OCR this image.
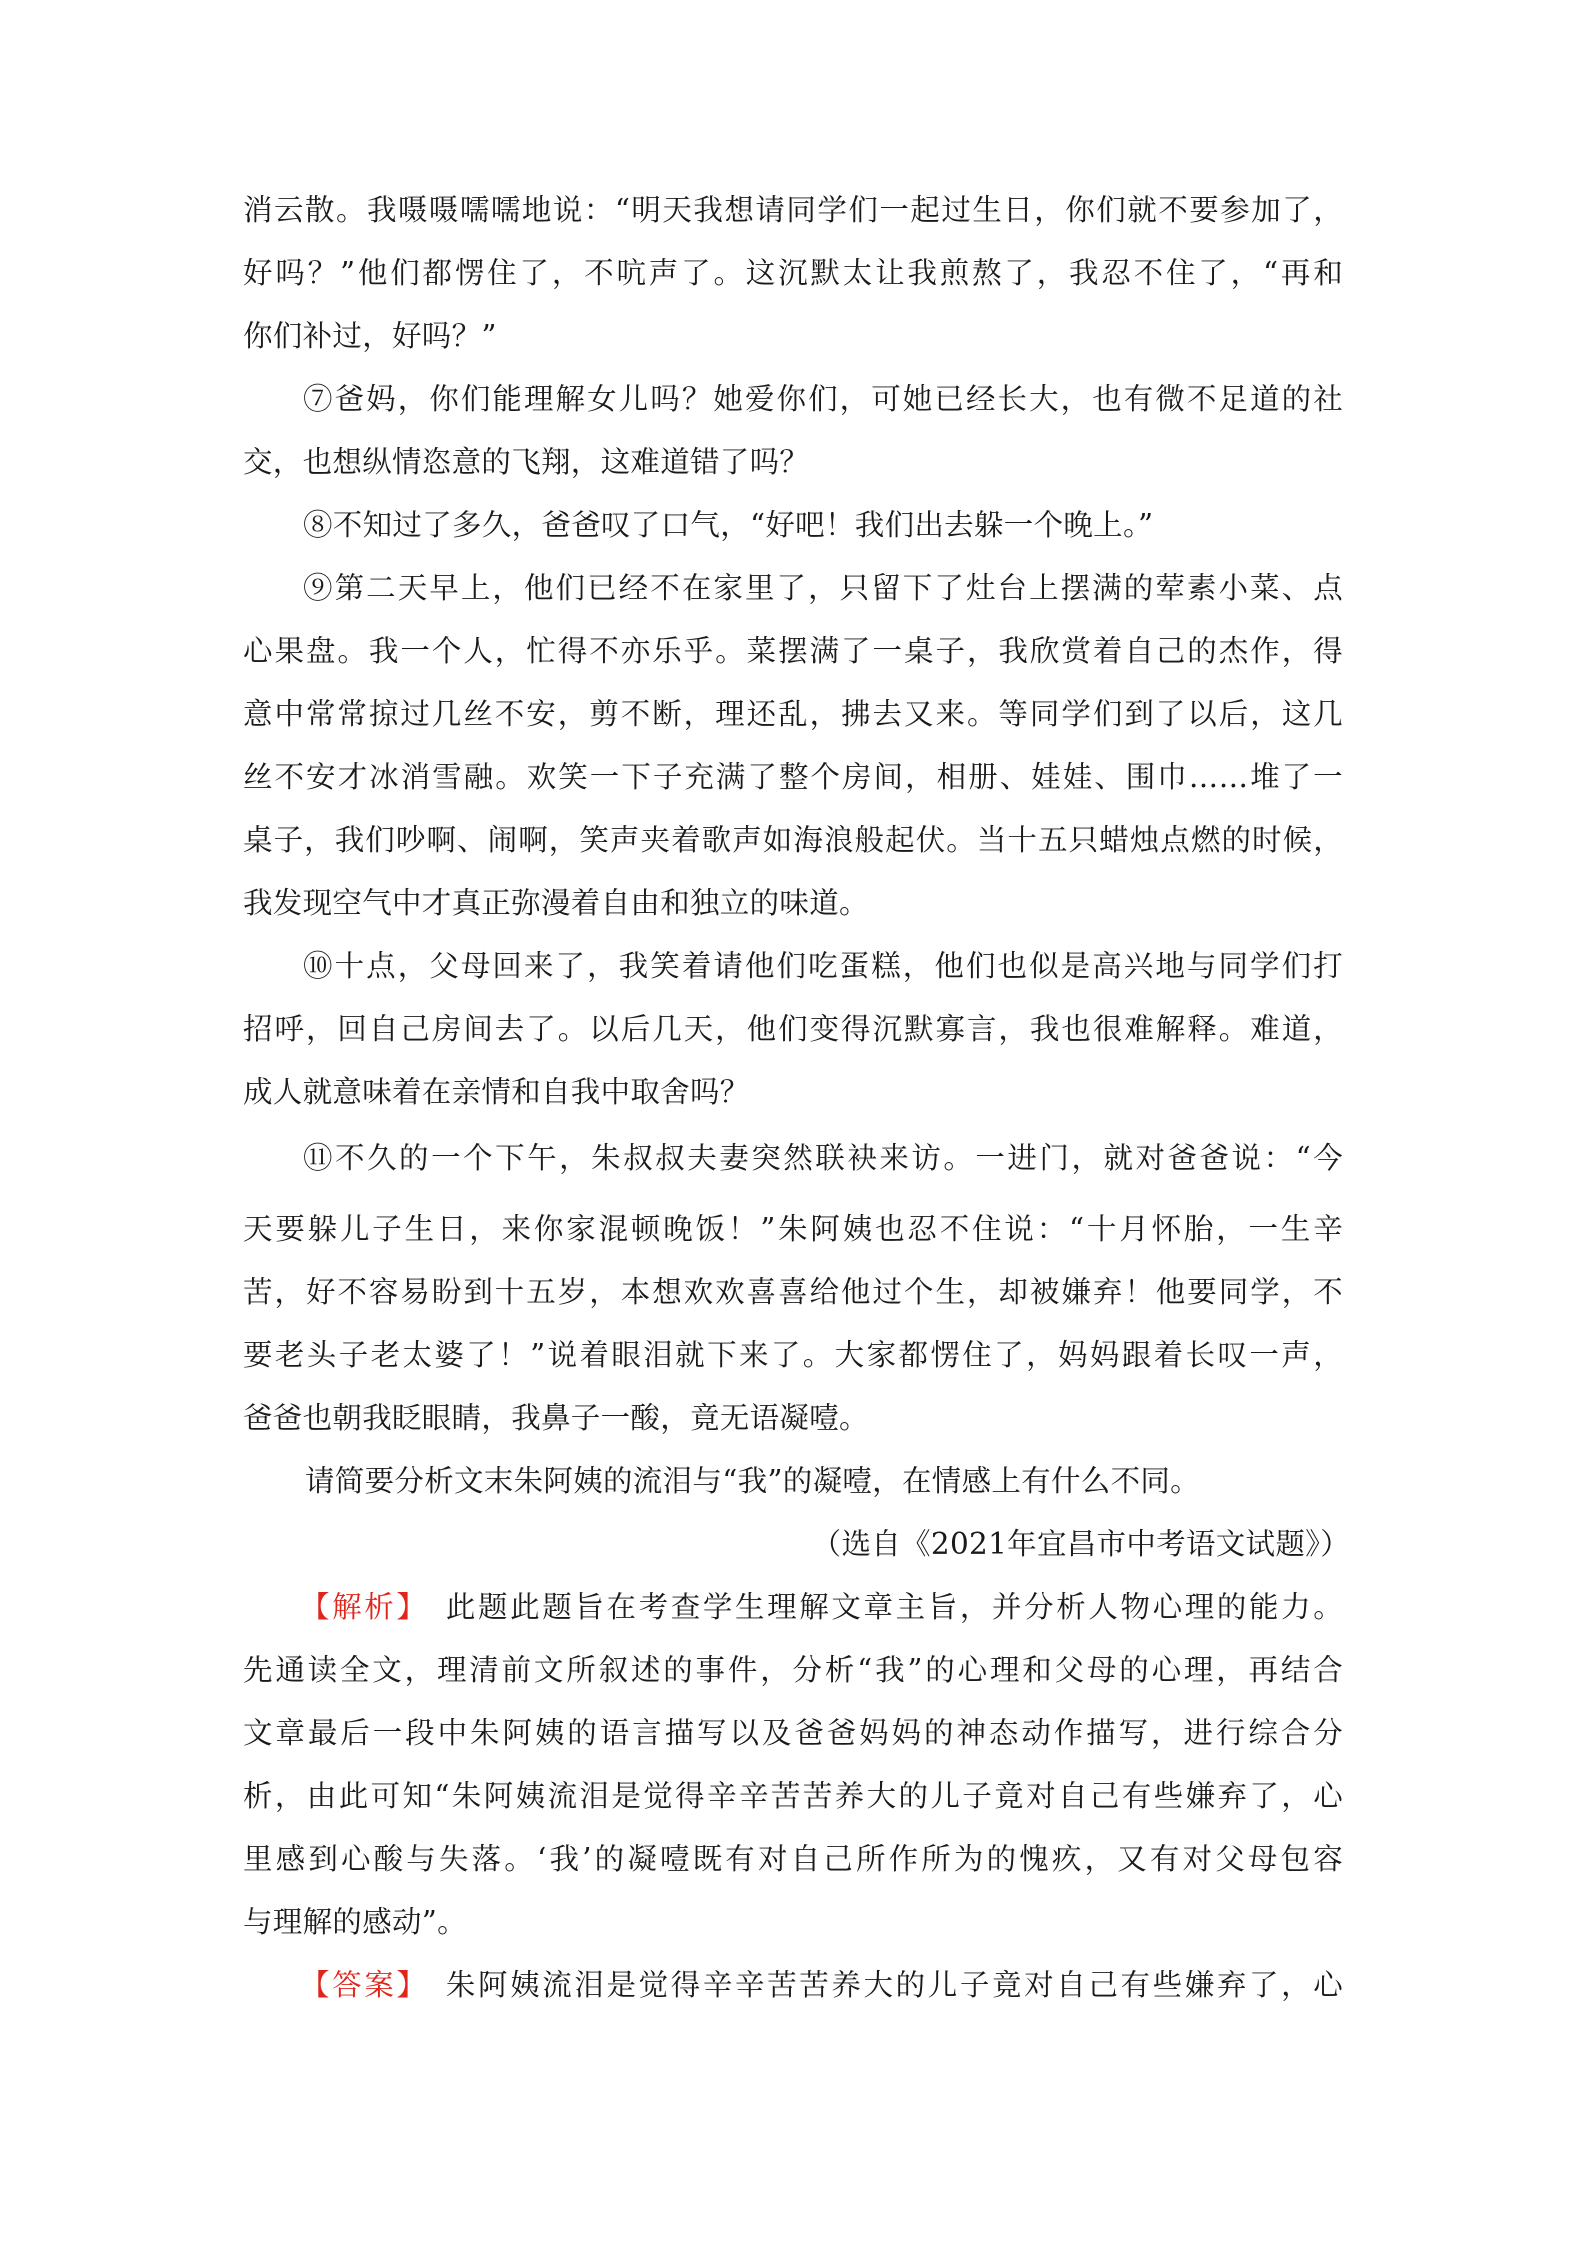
消云散。我嗫嗫嚅嚅地说：“明天我想请同学们一起过生日，你们就不要参加了，
好吗？”他们都愣住了，不吭声了。这沉默太让我煎熬了，我忍不住了，“再和
你们补过，好吗？”
⑦爸妈，你们能理解女儿吗？她爱你们，可她已经长大，也有微不足道的社
交，也想纵情恣意的飞翔，这难道错了吗？
⑧不知过了多久，爸爸叹了口气，“好吧！我们出去躲一个晚上。”
⑨第二天早上，他们已经不在家里了，只留下了灶台上摆满的荤素小菜、点
心果盘。我一个人，忙得不亦乐乎。菜摆满了一桌子，我欣赏着自己的杰作，得
意中常常掠过几丝不安，剪不断，理还乱，拂去又来。等同学们到了以后，这几
丝不安才冰消雪融。欢笑一下子充满了整个房间，相册、娃娃、围巾……堆了一
桌子，我们吵啊、闹啊，笑声夹着歌声如海浪般起伏。当十五只蜡烛点燃的时候，
我发现空气中才真正弥漫着自由和独立的味道。
⑩十点，父母回来了，我笑着请他们吃蛋糕，他们也似是高兴地与同学们打
招呼，回自己房间去了。以后几天，他们变得沉默寡言，我也很难解释。难道，
成人就意味着在亲情和自我中取舍吗？
⑪不久的一个下午，朱叔叔夫妻突然联袂来访。一进门，就对爸爸说：“今
天要躲儿子生日，来你家混顿晚饭！”朱阿姨也忍不住说：“十月怀胎，一生辛
苦，好不容易盼到十五岁，本想欢欢喜喜给他过个生，却被嫌弃！他要同学，不
要老头子老太婆了！”说着眼泪就下来了。大家都愣住了，妈妈跟着长叹一声，
爸爸也朝我眨眼睛，我鼻子一酸，竟无语凝噎。
请简要分析文末朱阿姨的流泪与“我”的凝噎，在情感上有什么不同。
（选自《2021年宜昌市中考语文试题》）
【解析】　此题此题旨在考查学生理解文章主旨，并分析人物心理的能力。
先通读全文，理清前文所叙述的事件，分析“我”的心理和父母的心理，再结合
文章最后一段中朱阿姨的语言描写以及爸爸妈妈的神态动作描写，进行综合分
析，由此可知“朱阿姨流泪是觉得辛辛苦苦养大的儿子竟对自己有些嫌弃了，心
里感到心酸与失落。‘我’的凝噎既有对自己所作所为的愧疚，又有对父母包容
与理解的感动”。
【答案】　朱阿姨流泪是觉得辛辛苦苦养大的儿子竟对自己有些嫌弃了，心
